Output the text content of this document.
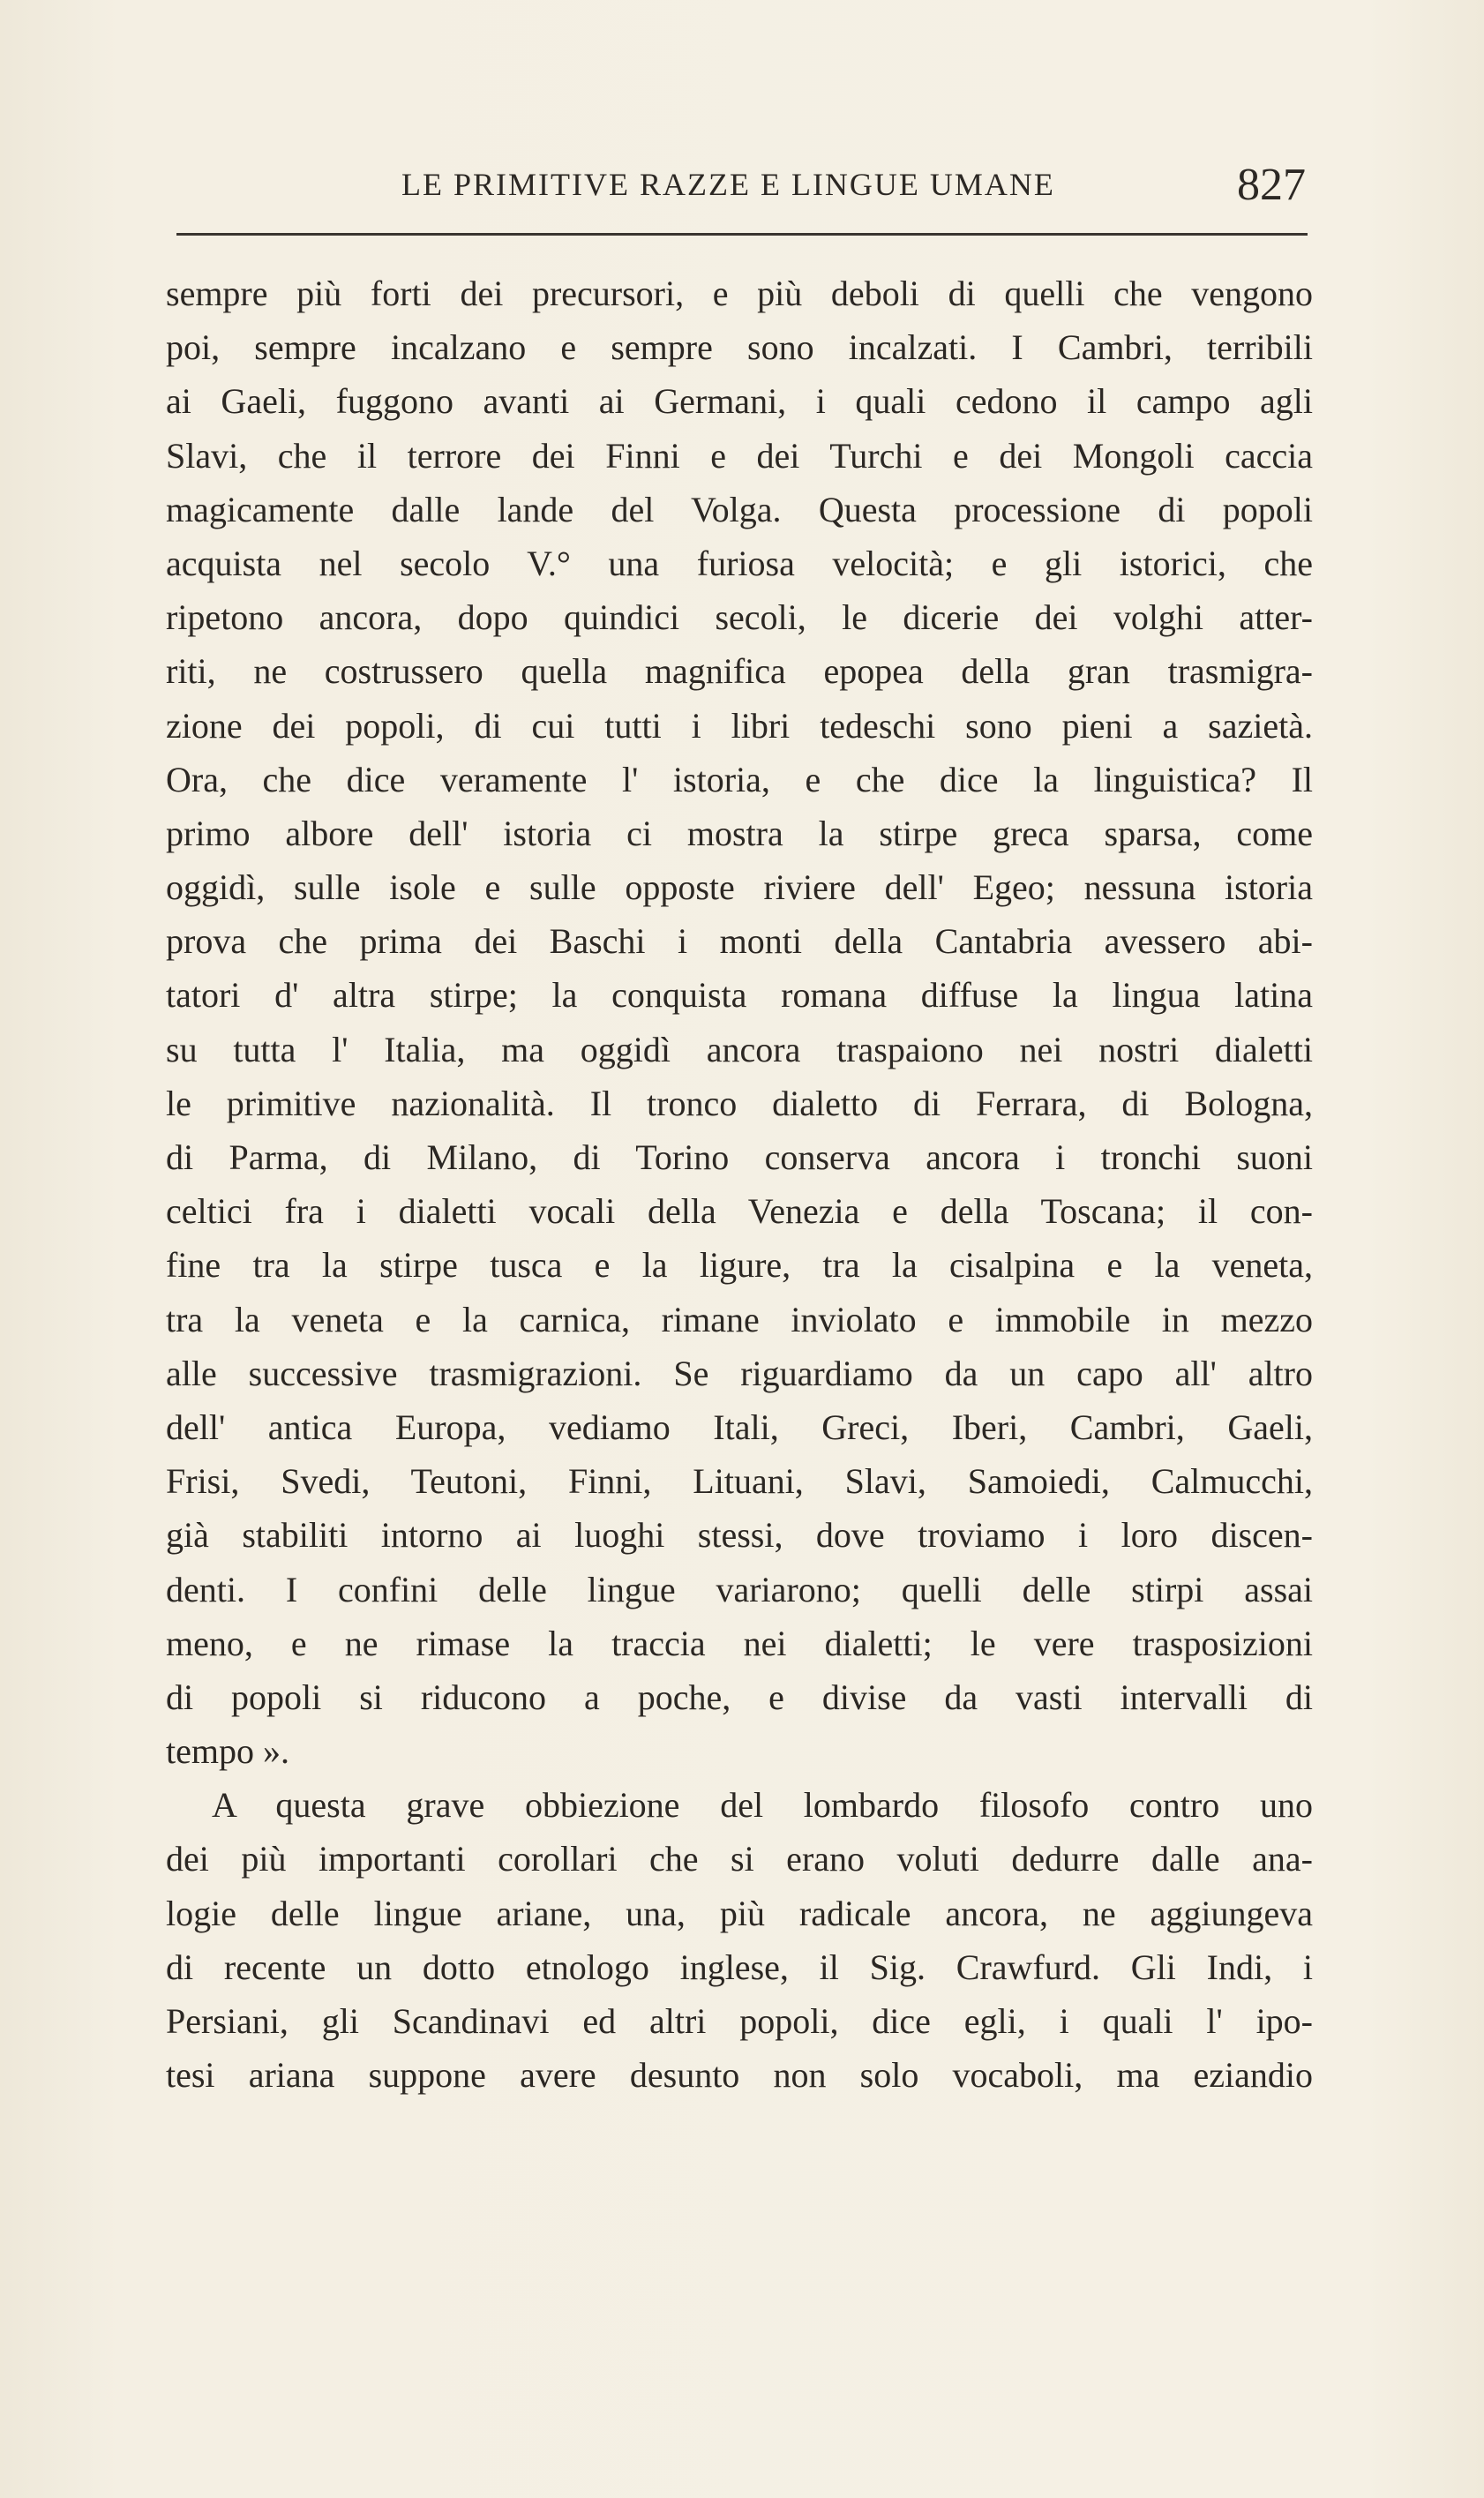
LE PRIMITIVE RAZZE E LINGUE UMANE	827
sempre più forti dei precursori, e più deboli di quelli che vengono
poi, sempre incalzano e sempre sono incalzati. I Cambri, terribili
ai Gaeli, fuggono avanti ai Germani, i quali cedono il campo agli
Slavi, che il terrore dei Finni e dei Turchi e dei Mongoli caccia
magicamente dalle lande del Volga. Questa processione di popoli
acquista nel secolo V.° una furiosa velocità; e gli istorici, che
ripetono ancora, dopo quindici secoli, le dicerie dei volghi atter-
riti, ne costrussero quella magnifica epopea della gran trasmigra-
zione dei popoli, di cui tutti i libri tedeschi sono pieni a sazietà.
Ora, che dice veramente l' istoria, e che dice la linguistica? Il
primo albore dell' istoria ci mostra la stirpe greca sparsa, come
oggidì, sulle isole e sulle opposte riviere dell' Egeo; nessuna istoria
prova che prima dei Baschi i monti della Cantabria avessero abi-
tatori d' altra stirpe; la conquista romana diffuse la lingua latina
su tutta l' Italia, ma oggidì ancora traspaiono nei nostri dialetti
le primitive nazionalità. Il tronco dialetto di Ferrara, di Bologna,
di Parma, di Milano, di Torino conserva ancora i tronchi suoni
celtici fra i dialetti vocali della Venezia e della Toscana; il con-
fine tra la stirpe tusca e la ligure, tra la cisalpina e la veneta,
tra la veneta e la carnica, rimane inviolato e immobile in mezzo
alle successive trasmigrazioni. Se riguardiamo da un capo all' altro
dell' antica Europa, vediamo Itali, Greci, Iberi, Cambri, Gaeli,
Frisi, Svedi, Teutoni, Finni, Lituani, Slavi, Samoiedi, Calmucchi,
già stabiliti intorno ai luoghi stessi, dove troviamo i loro discen-
denti. I confini delle lingue variarono; quelli delle stirpi assai
meno, e ne rimase la traccia nei dialetti; le vere trasposizioni
di popoli si riducono a poche, e divise da vasti intervalli di
tempo ».
A questa grave obbiezione del lombardo filosofo contro uno
dei più importanti corollari che si erano voluti dedurre dalle ana-
logie delle lingue ariane, una, più radicale ancora, ne aggiungeva
di recente un dotto etnologo inglese, il Sig. Crawfurd. Gli Indi, i
Persiani, gli Scandinavi ed altri popoli, dice egli, i quali l' ipo-
tesi ariana suppone avere desunto non solo vocaboli, ma eziandio
